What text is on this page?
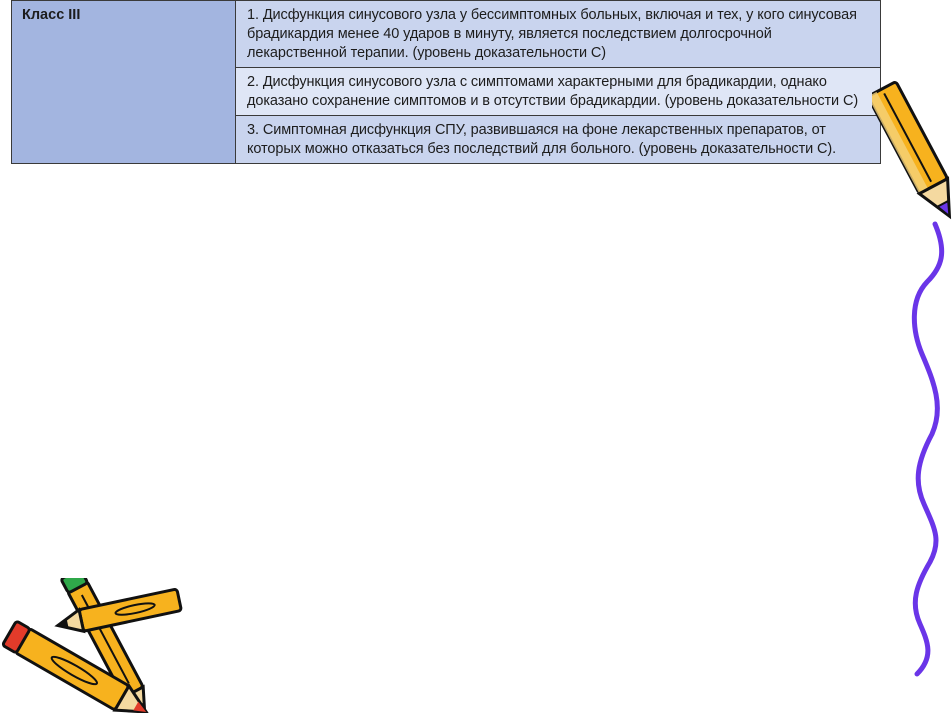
Класс III	1. Дисфункция синусового узла у бессимптомных больных, включая и тех, у кого синусовая брадикардия менее 40 ударов в минуту, является последствием долгосрочной лекарственной терапии. (уровень доказательности С)
2. Дисфункция синусового узла с симптомами характерными для брадикардии, однако доказано сохранение симптомов и в отсутствии брадикардии. (уровень доказательности С)
3. Симптомная дисфункция СПУ, развившаяся на фоне лекарственных препаратов, от которых можно отказаться без последствий для больного. (уровень доказательности С).
